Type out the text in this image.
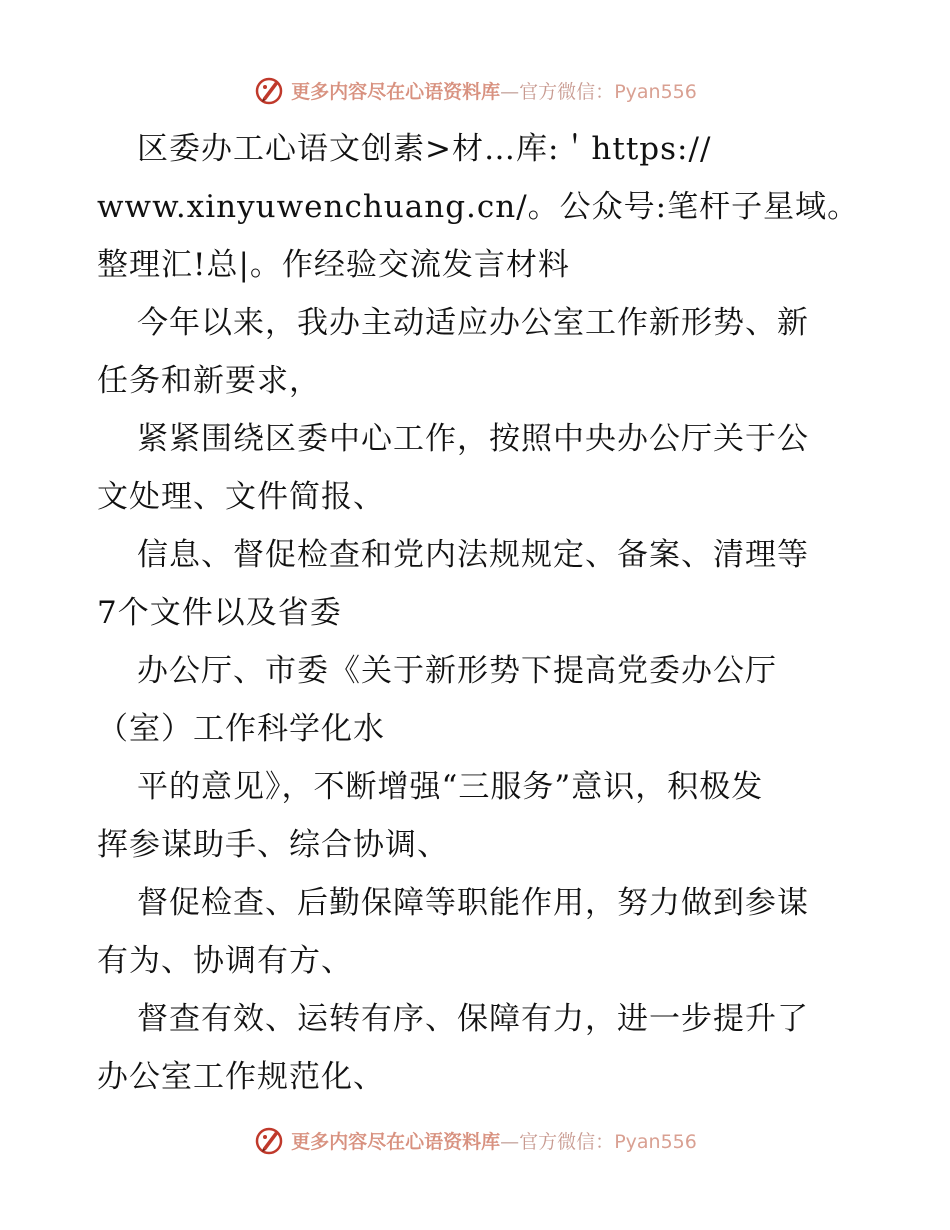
更多内容尽在心语资料库—官方微信：Pyan556
区委办工心语文创素>材…库:＇https://
www.xinyuwenchuang.cn/。公众号:笔杆子星域。
整理汇!总|。作经验交流发言材料
今年以来，我办主动适应办公室工作新形势、新
任务和新要求，
紧紧围绕区委中心工作，按照中央办公厅关于公
文处理、文件简报、
信息、督促检查和党内法规规定、备案、清理等
7个文件以及省委
办公厅、市委《关于新形势下提高党委办公厅
（室）工作科学化水
平的意见》，不断增强“三服务”意识，积极发
挥参谋助手、综合协调、
督促检查、后勤保障等职能作用，努力做到参谋
有为、协调有方、
督查有效、运转有序、保障有力，进一步提升了
办公室工作规范化、
更多内容尽在心语资料库—官方微信：Pyan556
